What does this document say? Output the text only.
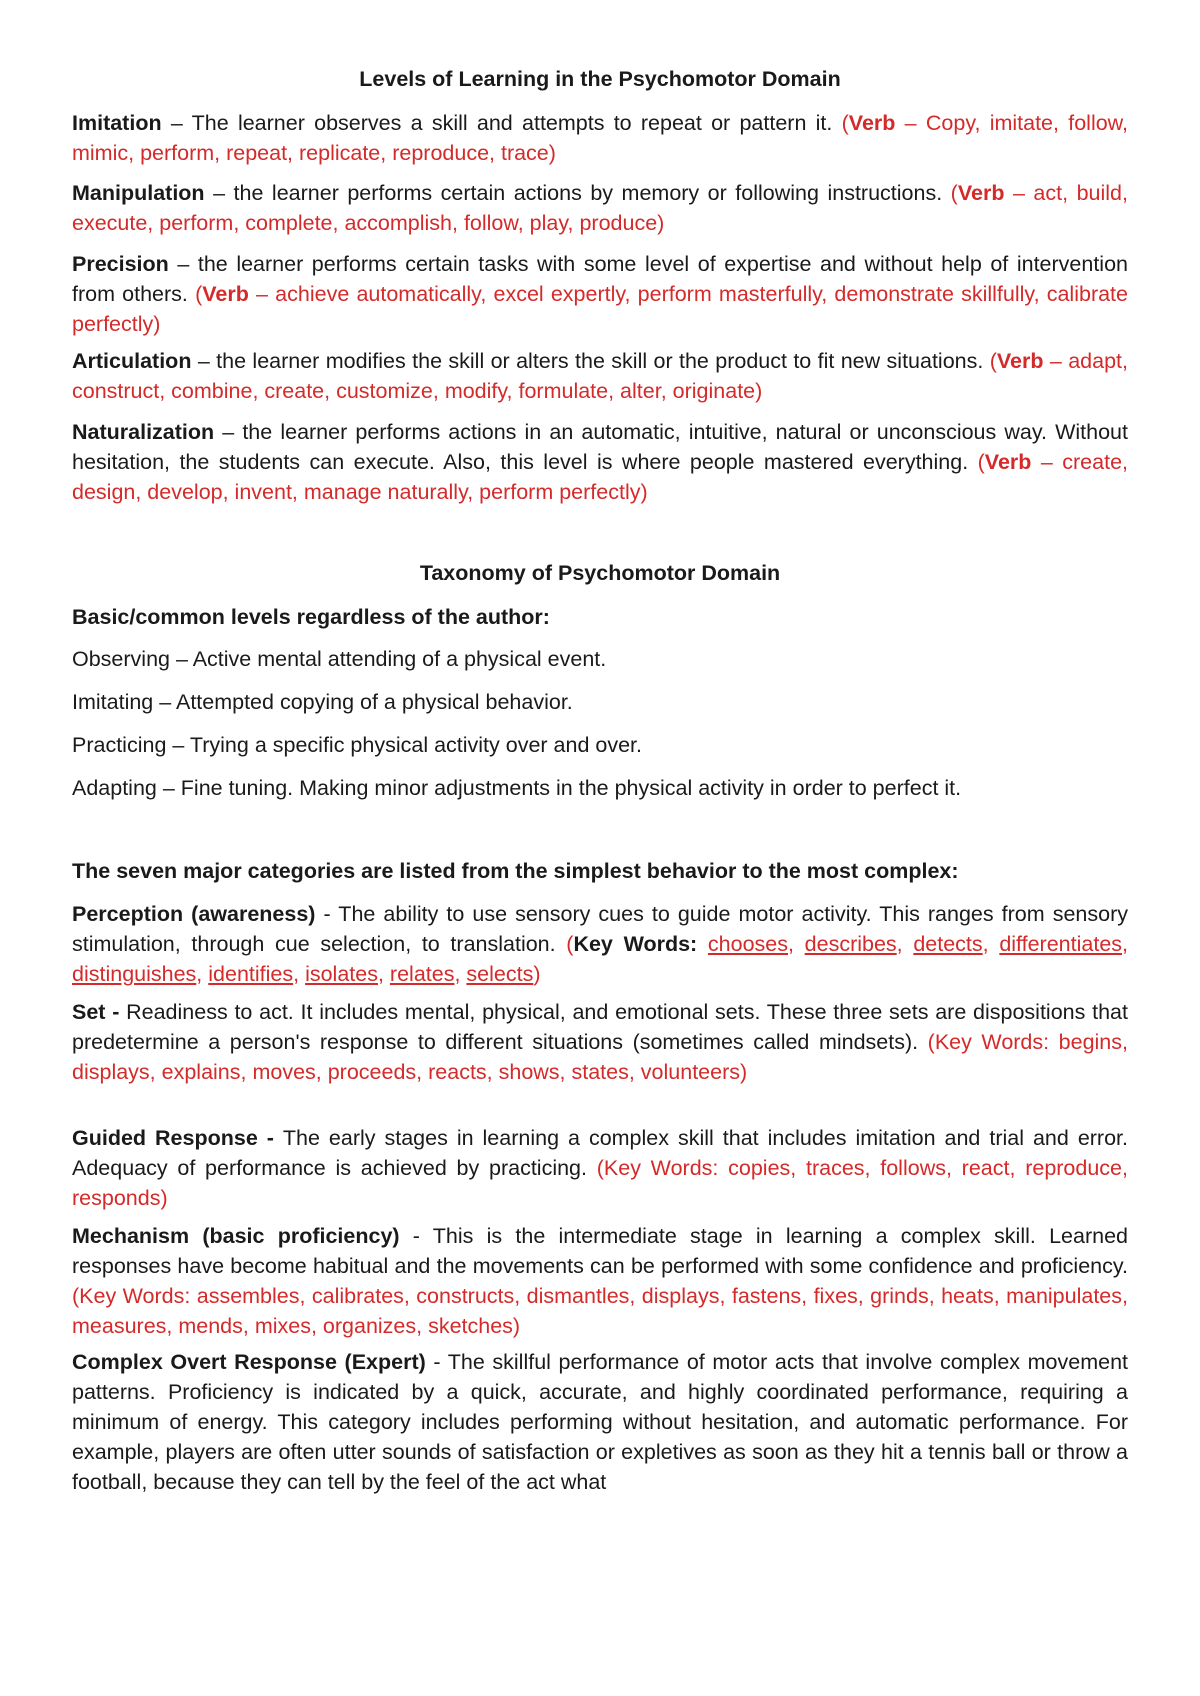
Levels of Learning in the Psychomotor Domain
Imitation – The learner observes a skill and attempts to repeat or pattern it. (Verb – Copy, imitate, follow, mimic, perform, repeat, replicate, reproduce, trace)
Manipulation – the learner performs certain actions by memory or following instructions. (Verb – act, build, execute, perform, complete, accomplish, follow, play, produce)
Precision – the learner performs certain tasks with some level of expertise and without help of intervention from others. (Verb – achieve automatically, excel expertly, perform masterfully, demonstrate skillfully, calibrate perfectly)
Articulation – the learner modifies the skill or alters the skill or the product to fit new situations. (Verb – adapt, construct, combine, create, customize, modify, formulate, alter, originate)
Naturalization – the learner performs actions in an automatic, intuitive, natural or unconscious way. Without hesitation, the students can execute. Also, this level is where people mastered everything. (Verb – create, design, develop, invent, manage naturally, perform perfectly)
Taxonomy of Psychomotor Domain
Basic/common levels regardless of the author:
Observing – Active mental attending of a physical event.
Imitating – Attempted copying of a physical behavior.
Practicing – Trying a specific physical activity over and over.
Adapting – Fine tuning. Making minor adjustments in the physical activity in order to perfect it.
The seven major categories are listed from the simplest behavior to the most complex:
Perception (awareness) - The ability to use sensory cues to guide motor activity. This ranges from sensory stimulation, through cue selection, to translation. (Key Words: chooses, describes, detects, differentiates, distinguishes, identifies, isolates, relates, selects)
Set - Readiness to act. It includes mental, physical, and emotional sets. These three sets are dispositions that predetermine a person's response to different situations (sometimes called mindsets). (Key Words: begins, displays, explains, moves, proceeds, reacts, shows, states, volunteers)
Guided Response - The early stages in learning a complex skill that includes imitation and trial and error. Adequacy of performance is achieved by practicing. (Key Words: copies, traces, follows, react, reproduce, responds)
Mechanism (basic proficiency) - This is the intermediate stage in learning a complex skill. Learned responses have become habitual and the movements can be performed with some confidence and proficiency. (Key Words: assembles, calibrates, constructs, dismantles, displays, fastens, fixes, grinds, heats, manipulates, measures, mends, mixes, organizes, sketches)
Complex Overt Response (Expert) - The skillful performance of motor acts that involve complex movement patterns. Proficiency is indicated by a quick, accurate, and highly coordinated performance, requiring a minimum of energy. This category includes performing without hesitation, and automatic performance. For example, players are often utter sounds of satisfaction or expletives as soon as they hit a tennis ball or throw a football, because they can tell by the feel of the act what
